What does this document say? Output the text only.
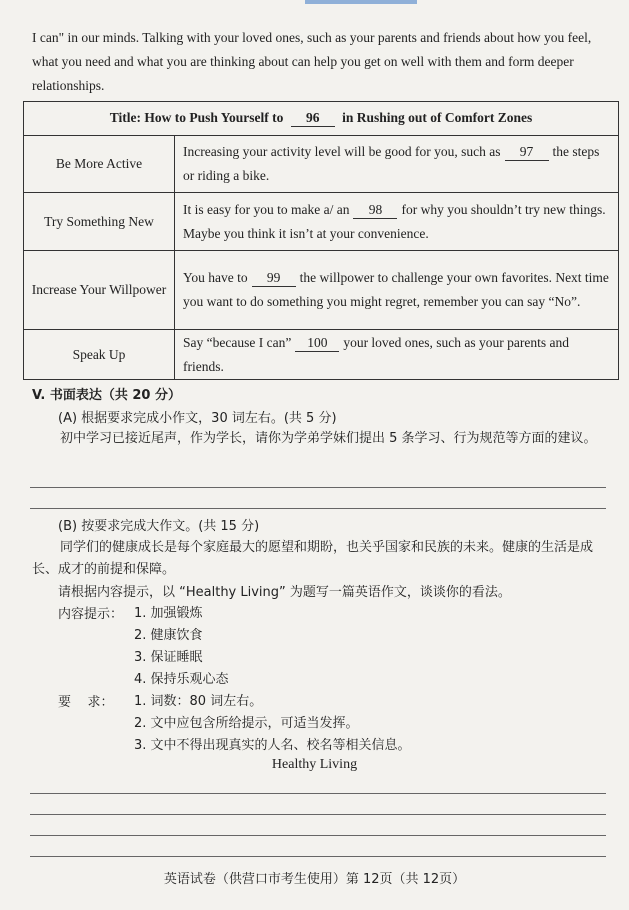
I can" in our minds. Talking with your loved ones, such as your parents and friends about how you feel, what you need and what you are thinking about can help you get on well with them and form deeper relationships.
Title: How to Push Yourself to 96 in Rushing out of Comfort Zones	
Be More Active	Increasing your activity level will be good for you, such as 97 the steps or riding a bike.
Try Something New	It is easy for you to make a/ an 98 for why you shouldn’t try new things. Maybe you think it isn’t at your convenience.
Increase Your Willpower	You have to 99 the willpower to challenge your own favorites. Next time you want to do something you might regret, remember you can say “No”.
Speak Up	Say “because I can” 100 your loved ones, such as your parents and friends.
V. 书面表达（共 20 分）
(A) 根据要求完成小作文，30 词左右。(共 5 分)
初中学习已接近尾声，作为学长，请你为学弟学妹们提出 5 条学习、行为规范等方面的建议。
(B) 按要求完成大作文。(共 15 分)
同学们的健康成长是每个家庭最大的愿望和期盼，也关乎国家和民族的未来。健康的生活是成长、成才的前提和保障。
请根据内容提示，以 “Healthy Living” 为题写一篇英语作文，谈谈你的看法。
内容提示： 1. 加强锻炼
2. 健康饮食
3. 保证睡眠
4. 保持乐观心态
要    求： 1. 词数：80 词左右。
2. 文中应包含所给提示，可适当发挥。
3. 文中不得出现真实的人名、校名等相关信息。
Healthy Living
英语试卷（供营口市考生使用）第 12页（共 12页）
